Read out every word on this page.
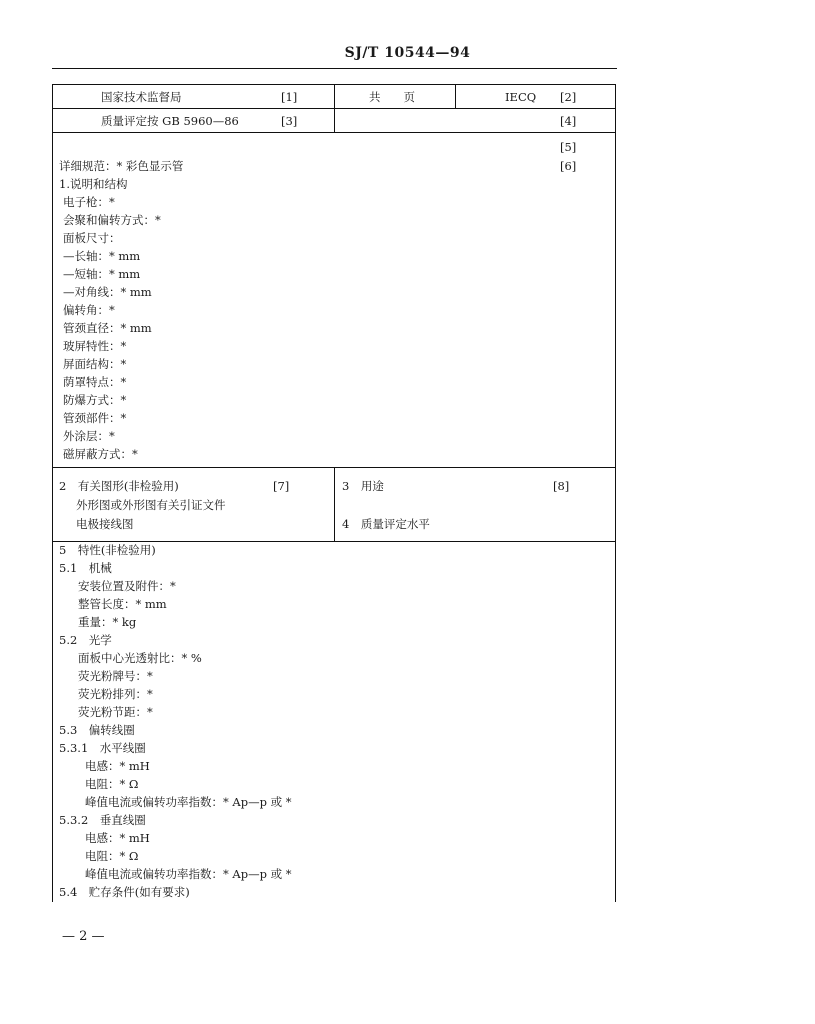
SJ/T 10544—94
国家技术监督局	[1]	共　　页	IECQ [2]
质量评定按 GB 5960—86	[3]	[4]
[5]
详细规范：* 彩色显示管	[6]
1.说明和结构
电子枪：*
会聚和偏转方式：*
面板尺寸：
—长轴：* mm
—短轴：* mm
—对角线：* mm
偏转角：*
管颈直径：* mm
玻屏特性：*
屏面结构：*
荫罩特点：*
防爆方式：*
管颈部件：*
外涂层：*
磁屏蔽方式：*
2　有关图形(非检验用)	[7]
外形图或外形图有关引证文件
电极接线图
3　用途	[8]
4　质量评定水平
5　特性(非检验用)
5.1　机械
安装位置及附件：*
整管长度：* mm
重量：* kg
5.2　光学
面板中心光透射比：* %
荧光粉牌号：*
荧光粉排列：*
荧光粉节距：*
5.3　偏转线圈
5.3.1　水平线圈
电感：* mH
电阻：* Ω
峰值电流或偏转功率指数：* Ap—p 或 *
5.3.2　垂直线圈
电感：* mH
电阻：* Ω
峰值电流或偏转功率指数：* Ap—p 或 *
5.4　贮存条件(如有要求)
— 2 —
